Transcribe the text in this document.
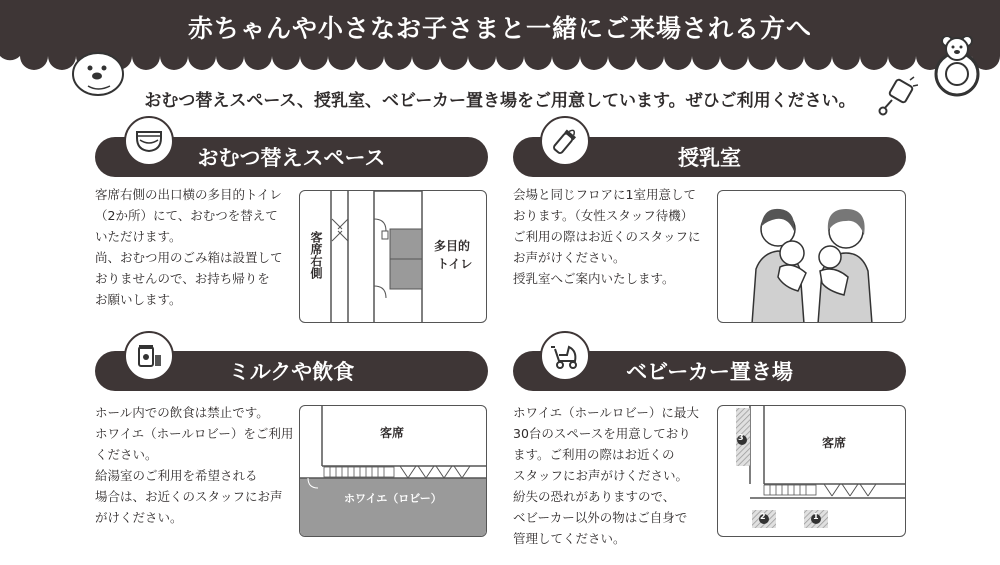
赤ちゃんや小さなお子さまと一緒にご来場される方へ
おむつ替えスペース、授乳室、ベビーカー置き場をご用意しています。ぜひご利用ください。
おむつ替えスペース

客席右側の出口横の多目的トイレ

（2か所）にて、おむつを替えて

いただけます。

尚、おむつ用のごみ箱は設置して

おりませんので、お持ち帰りを

お願いします。

客席右側	多目的
トイレ
授乳室

会場と同じフロアに1室用意して

おります。（女性スタッフ待機）

ご利用の際はお近くのスタッフに

お声がけください。

授乳室へご案内いたします。

ミルクや飲食

ホール内での飲食は禁止です。

ホワイエ（ホールロビー）をご利用

ください。

給湯室のご利用を希望される

場合は、お近くのスタッフにお声

がけください。

客席
ホワイエ（ロビー）
ベビーカー置き場

ホワイエ（ホールロビー）に最大

30台のスペースを用意しており

ます。ご利用の際はお近くの

スタッフにお声がけください。

紛失の恐れがありますので、

ベビーカー以外の物はご自身で

管理してください。

3
2	1
客席
